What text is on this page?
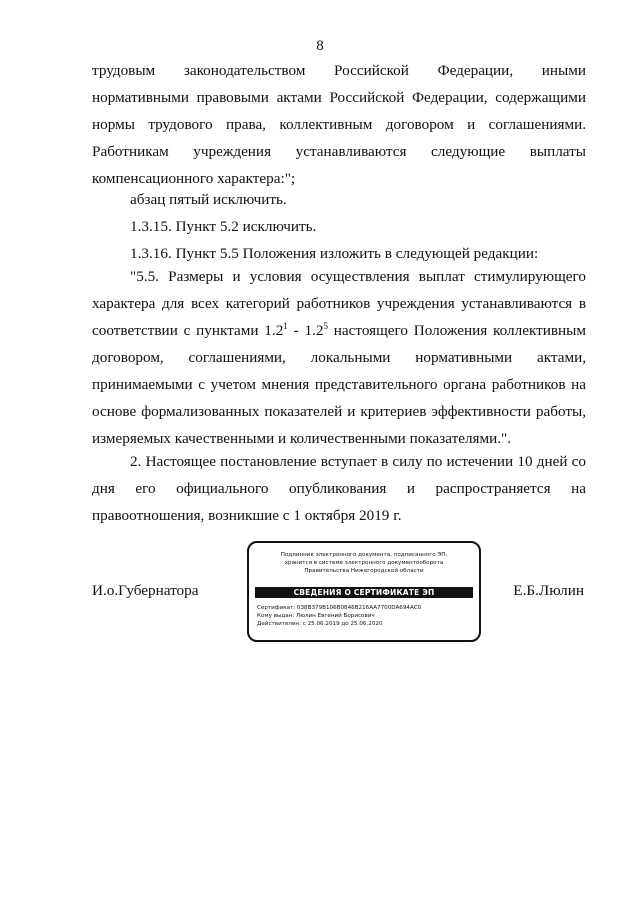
8

трудовым законодательством Российской Федерации, иными

нормативными правовыми актами Российской Федерации, содержащими

нормы трудового права, коллективным договором и соглашениями.

Работникам учреждения устанавливаются следующие выплаты

компенсационного характера:";

абзац пятый исключить.

1.3.15. Пункт 5.2 исключить.

1.3.16. Пункт 5.5 Положения изложить в следующей редакции:

"5.5. Размеры и условия осуществления выплат стимулирующего

характера для всех категорий работников учреждения устанавливаются в

соответствии с пунктами $1.2^1 - 1.2^5$ настоящего Положения коллективным

договором, соглашениями, локальными нормативными актами,

принимаемыми с учетом мнения представительного органа работников на

основе формализованных показателей и критериев эффективности работы,

измеряемых качественными и количественными показателями.".

2. Настоящее постановление вступает в силу по истечении 10 дней со

дня его официального опубликования и распространяется на

правоотношения, возникшие с 1 октября 2019 г.

И.о.Губернатора	Е.Б.Люлин
Подлинник электронного документа, подписанного ЭП,
хранится в системе электронного документооборота
Правительства Нижегородской области
СВЕДЕНИЯ О СЕРТИФИКАТЕ ЭП
Сертификат: 038B379B106B0846B216AA7700DA694AC0
Кому выдан: Люлин Евгений Борисович
Действителен: с 25.06.2019 до 25.06.2020
